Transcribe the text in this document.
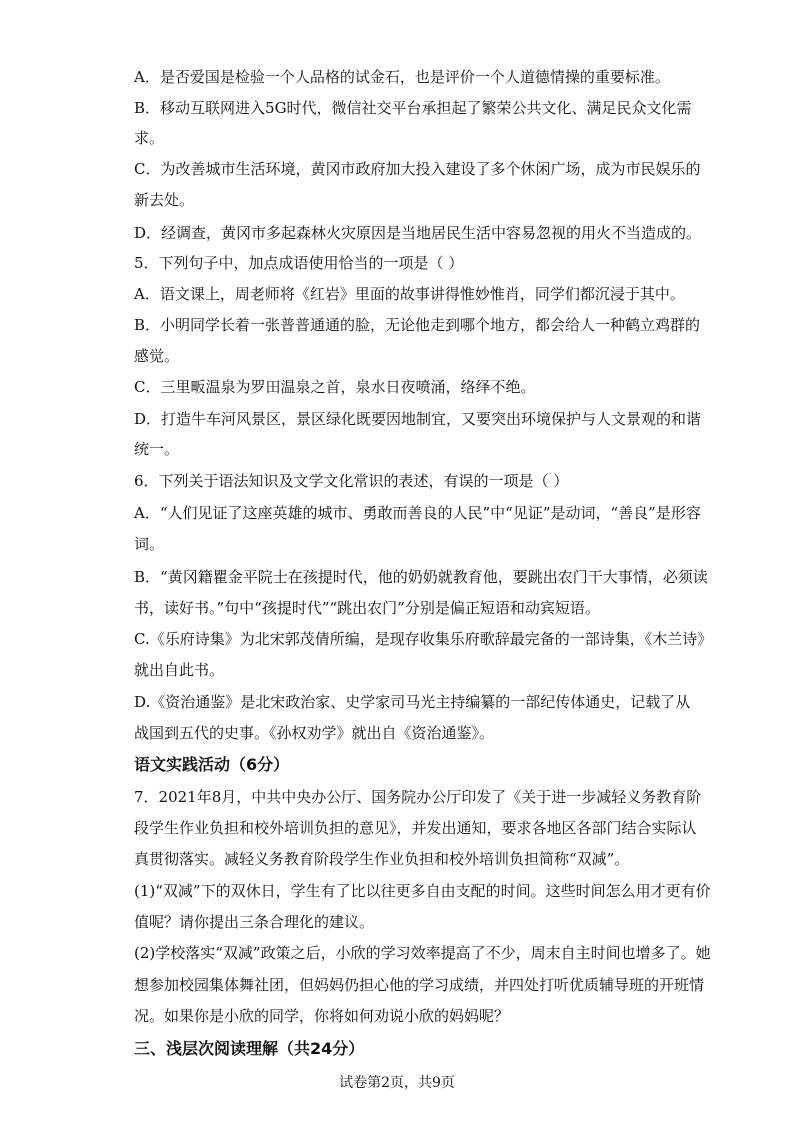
A．是否爱国是检验一个人品格的试金石，也是评价一个人道德情操的重要标准。
B．移动互联网进入5G时代，微信社交平台承担起了繁荣公共文化、满足民众文化需
求。
C．为改善城市生活环境，黄冈市政府加大投入建设了多个休闲广场，成为市民娱乐的
新去处。
D．经调查，黄冈市多起森林火灾原因是当地居民生活中容易忽视的用火不当造成的。
5．下列句子中，加点成语使用恰当的一项是（ ）
A．语文课上，周老师将《红岩》里面的故事讲得惟妙惟肖，同学们都沉浸于其中。
B．小明同学长着一张普普通通的脸，无论他走到哪个地方，都会给人一种鹤立鸡群的
感觉。
C．三里畈温泉为罗田温泉之首，泉水日夜喷涌，络绎不绝。
D．打造牛车河风景区，景区绿化既要因地制宜，又要突出环境保护与人文景观的和谐
统一。
6．下列关于语法知识及文学文化常识的表述，有误的一项是（ ）
A．“人们见证了这座英雄的城市、勇敢而善良的人民”中“见证”是动词，“善良”是形容
词。
B．“黄冈籍瞿金平院士在孩提时代，他的奶奶就教育他，要跳出农门干大事情，必须读
书，读好书。”句中“孩提时代”“跳出农门”分别是偏正短语和动宾短语。
C.《乐府诗集》为北宋郭茂倩所编，是现存收集乐府歌辞最完备的一部诗集，《木兰诗》
就出自此书。
D.《资治通鉴》是北宋政治家、史学家司马光主持编纂的一部纪传体通史，记载了从
战国到五代的史事。《孙权劝学》就出自《资治通鉴》。
语文实践活动（6分）
7．2021年8月，中共中央办公厅、国务院办公厅印发了《关于进一步减轻义务教育阶
段学生作业负担和校外培训负担的意见》，并发出通知，要求各地区各部门结合实际认
真贯彻落实。减轻义务教育阶段学生作业负担和校外培训负担简称“双减”。
(1)“双减”下的双休日，学生有了比以往更多自由支配的时间。这些时间怎么用才更有价
值呢？请你提出三条合理化的建议。
(2)学校落实“双减”政策之后，小欣的学习效率提高了不少，周末自主时间也增多了。她
想参加校园集体舞社团，但妈妈仍担心他的学习成绩，并四处打听优质辅导班的开班情
况。如果你是小欣的同学，你将如何劝说小欣的妈妈呢？
三、浅层次阅读理解（共24分）
试卷第2页，共9页
